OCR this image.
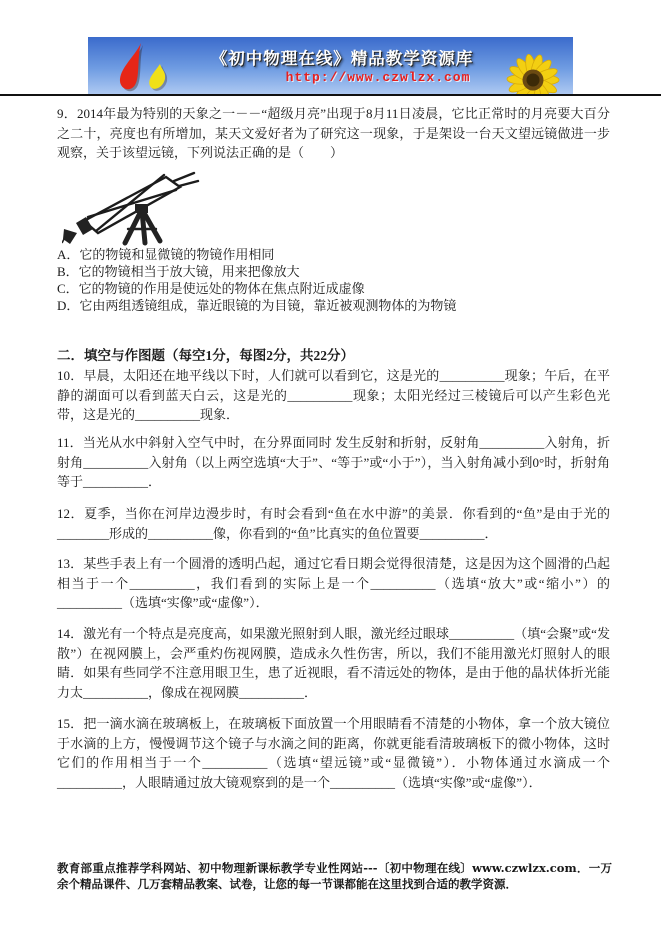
《初中物理在线》精品教学资源库
http://www.czwlzx.com

9．2014年最为特别的天象之一－－“超级月亮”出现于8月11日凌晨，它比正常时的月亮要大百分之二十，亮度也有所增加，某天文爱好者为了研究这一现象，于是架设一台天文望远镜做进一步观察，关于该望远镜，下列说法正确的是（　　）

A．它的物镜和显微镜的物镜作用相同
B．它的物镜相当于放大镜，用来把像放大
C．它的物镜的作用是使远处的物体在焦点附近成虚像
D．它由两组透镜组成，靠近眼镜的为目镜，靠近被观测物体的为物镜

二．填空与作图题（每空1分，每图2分，共22分）

10．早晨，太阳还在地平线以下时，人们就可以看到它，这是光的__________现象；午后，在平静的湖面可以看到蓝天白云，这是光的__________现象；太阳光经过三棱镜后可以产生彩色光带，这是光的__________现象．

11．当光从水中斜射入空气中时，在分界面同时 发生反射和折射，反射角__________入射角，折射角__________入射角（以上两空选填“大于”、“等于”或“小于”），当入射角减小到0°时，折射角等于__________．

12．夏季，当你在河岸边漫步时，有时会看到“鱼在水中游”的美景．你看到的“鱼”是由于光的________形成的__________像，你看到的“鱼”比真实的鱼位置要__________．

13．某些手表上有一个圆滑的透明凸起，通过它看日期会觉得很清楚，这是因为这个圆滑的凸起相当于一个__________，我们看到的实际上是一个__________（选填“放大”或“缩小”）的__________（选填“实像”或“虚像”）．

14．激光有一个特点是亮度高，如果激光照射到人眼，激光经过眼球__________（填“会聚”或“发散”）在视网膜上，会严重灼伤视网膜，造成永久性伤害，所以，我们不能用激光灯照射人的眼睛．如果有些同学不注意用眼卫生，患了近视眼，看不清远处的物体，是由于他的晶状体折光能力太__________，像成在视网膜__________．

15．把一滴水滴在玻璃板上，在玻璃板下面放置一个用眼睛看不清楚的小物体，拿一个放大镜位于水滴的上方，慢慢调节这个镜子与水滴之间的距离，你就更能看清玻璃板下的微小物体，这时它们的作用相当于一个__________（选填“望远镜”或“显微镜”）．小物体通过水滴成一个__________，人眼睛通过放大镜观察到的是一个__________（选填“实像”或“虚像”）．

教育部重点推荐学科网站、初中物理新课标教学专业性网站---〔初中物理在线〕www.czwlzx.com．一万余个精品课件、几万套精品教案、试卷，让您的每一节课都能在这里找到合适的教学资源．
